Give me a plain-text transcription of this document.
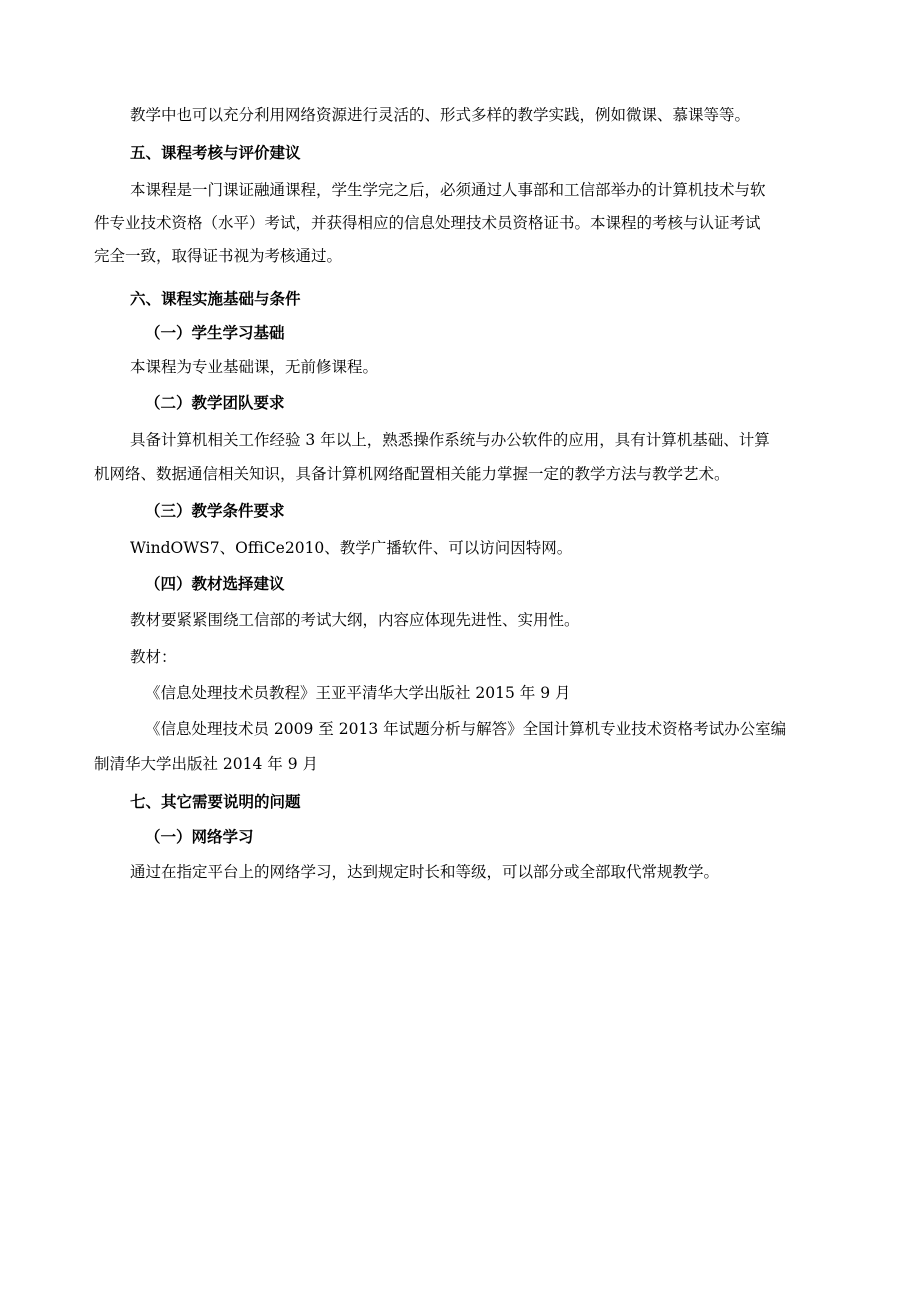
教学中也可以充分利用网络资源进行灵活的、形式多样的教学实践，例如微课、慕课等等。
五、课程考核与评价建议
本课程是一门课证融通课程，学生学完之后，必须通过人事部和工信部举办的计算机技术与软
件专业技术资格（水平）考试，并获得相应的信息处理技术员资格证书。本课程的考核与认证考试
完全一致，取得证书视为考核通过。
六、课程实施基础与条件
（一）学生学习基础
本课程为专业基础课，无前修课程。
（二）教学团队要求
具备计算机相关工作经验 3 年以上，熟悉操作系统与办公软件的应用，具有计算机基础、计算
机网络、数据通信相关知识，具备计算机网络配置相关能力掌握一定的教学方法与教学艺术。
（三）教学条件要求
WindOWS7、OffiCe2010、教学广播软件、可以访问因特网。
（四）教材选择建议
教材要紧紧围绕工信部的考试大纲，内容应体现先进性、实用性。
教材：
《信息处理技术员教程》王亚平清华大学出版社 2015 年 9 月
《信息处理技术员 2009 至 2013 年试题分析与解答》全国计算机专业技术资格考试办公室编
制清华大学出版社 2014 年 9 月
七、其它需要说明的问题
（一）网络学习
通过在指定平台上的网络学习，达到规定时长和等级，可以部分或全部取代常规教学。
